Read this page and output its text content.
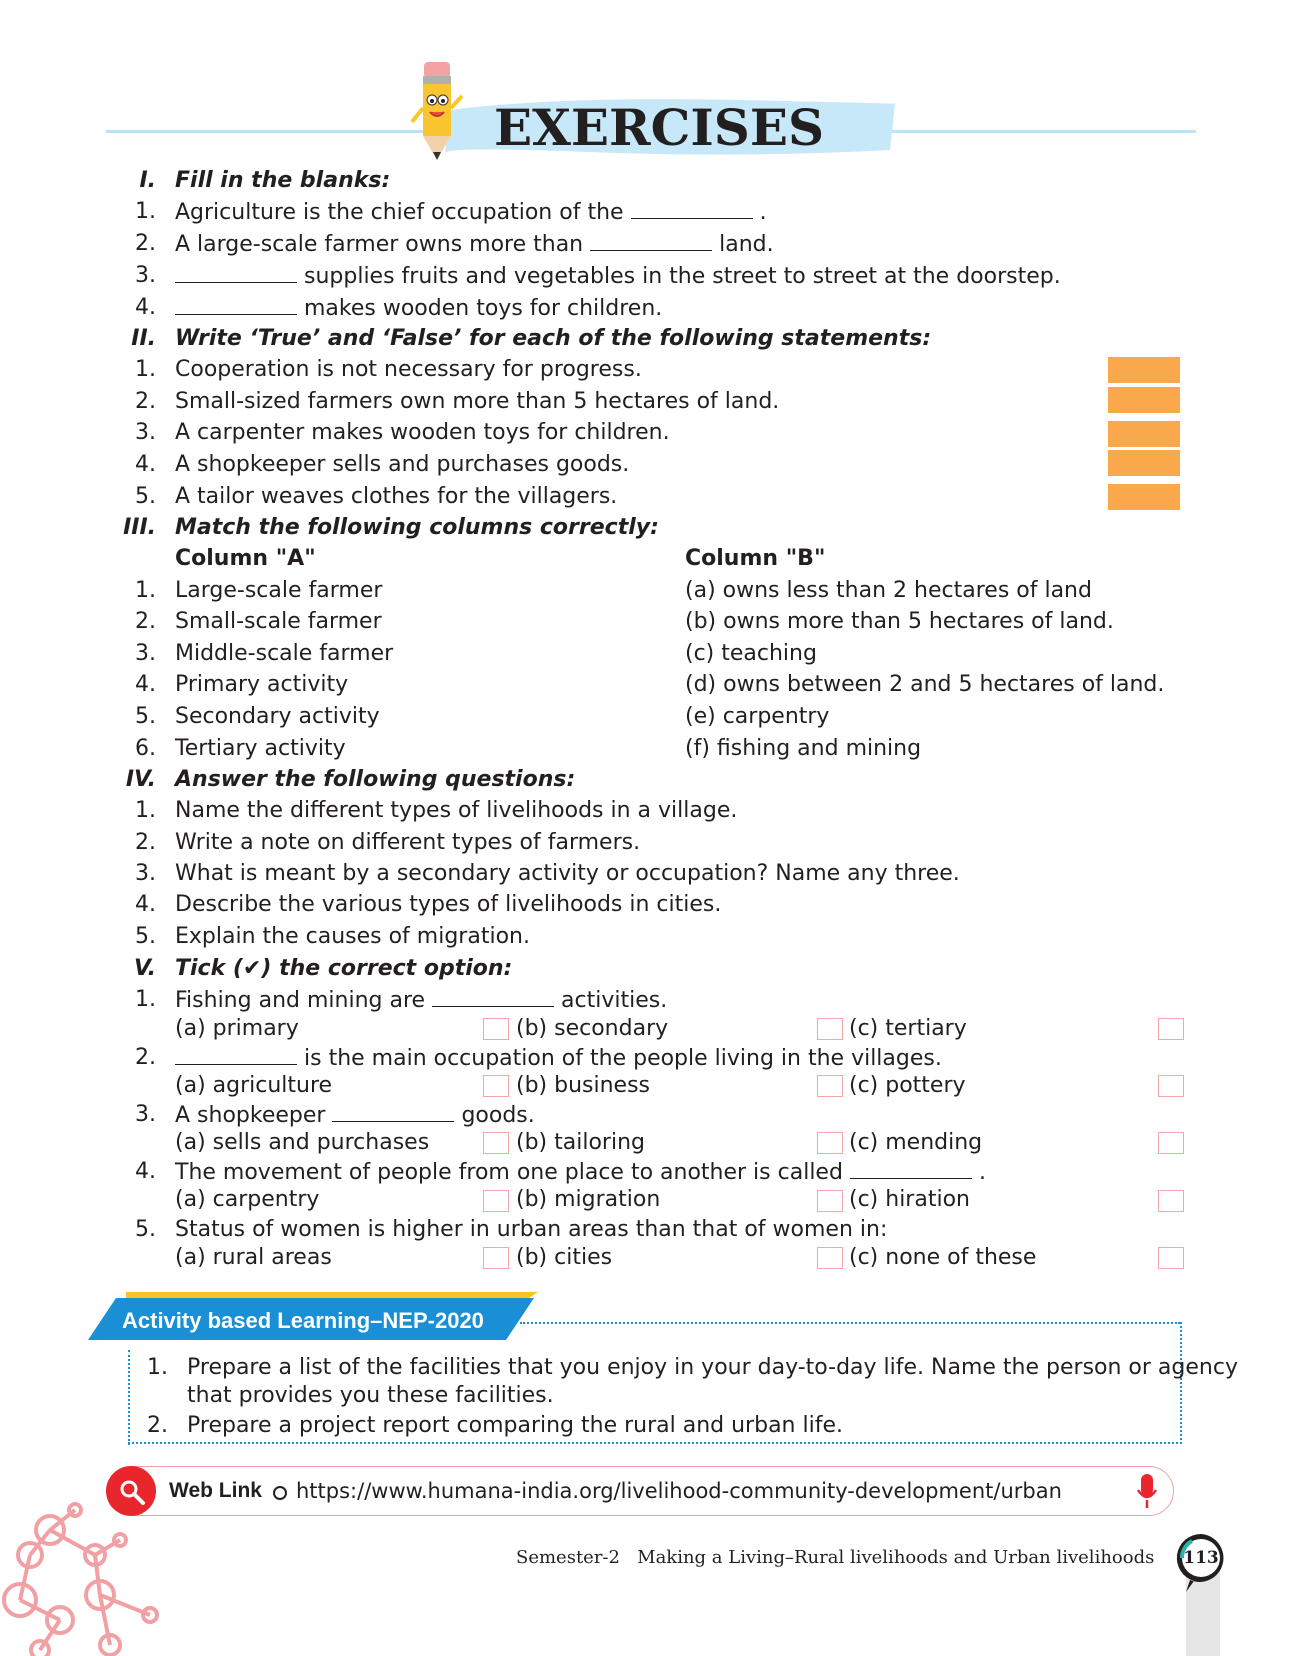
EXERCISES
I. Fill in the blanks:
1. Agriculture is the chief occupation of the	.
2. A large-scale farmer owns more than	land.
3.	supplies fruits and vegetables in the street to street at the doorstep.
4.	makes wooden toys for children.
II. Write ‘True’ and ‘False’ for each of the following statements:
1. Cooperation is not necessary for progress.
2. Small-sized farmers own more than 5 hectares of land.
3. A carpenter makes wooden toys for children.
4. A shopkeeper sells and purchases goods.
5. A tailor weaves clothes for the villagers.
III. Match the following columns correctly:
Column "A"	Column "B"
1. Large-scale farmer	(a) owns less than 2 hectares of land
2. Small-scale farmer	(b) owns more than 5 hectares of land.
3. Middle-scale farmer	(c) teaching
4. Primary activity	(d) owns between 2 and 5 hectares of land.
5. Secondary activity	(e) carpentry
6. Tertiary activity	(f) fishing and mining
IV. Answer the following questions:
1. Name the different types of livelihoods in a village.
2. Write a note on different types of farmers.
3. What is meant by a secondary activity or occupation? Name any three.
4. Describe the various types of livelihoods in cities.
5. Explain the causes of migration.
V. Tick (✔) the correct option:
1. Fishing and mining are	activities.
(a) primary	(b) secondary	(c) tertiary
2.	is the main occupation of the people living in the villages.
(a) agriculture	(b) business	(c) pottery
3. A shopkeeper	goods.
(a) sells and purchases	(b) tailoring	(c) mending
4. The movement of people from one place to another is called	.
(a) carpentry	(b) migration	(c) hiration
5. Status of women is higher in urban areas than that of women in:
(a) rural areas	(b) cities	(c) none of these
Activity based Learning–NEP-2020
1. Prepare a list of the facilities that you enjoy in your day-to-day life. Name the person or agency
that provides you these facilities.
2. Prepare a project report comparing the rural and urban life.
Web Link https://www.humana-india.org/livelihood-community-development/urban
Semester-2 Making a Living–Rural livelihoods and Urban livelihoods 113
